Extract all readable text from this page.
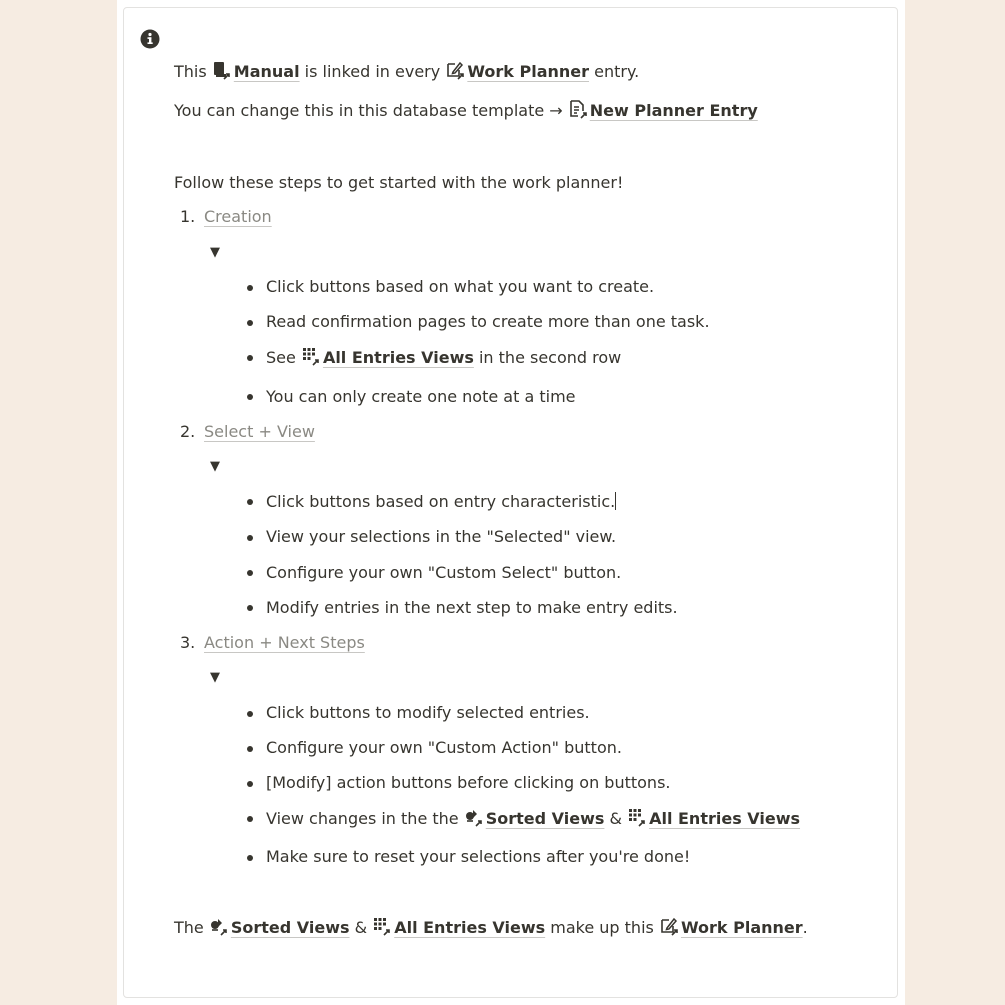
This Manual is linked in every Work Planner entry.
You can change this in this database template → New Planner Entry
Follow these steps to get started with the work planner!
1. Creation
▼
Click buttons based on what you want to create.
Read confirmation pages to create more than one task.
See All Entries Views in the second row
You can only create one note at a time
2. Select + View
▼
Click buttons based on entry characteristic.
View your selections in the "Selected" view.
Configure your own "Custom Select" button.
Modify entries in the next step to make entry edits.
3. Action + Next Steps
▼
Click buttons to modify selected entries.
Configure your own "Custom Action" button.
[Modify] action buttons before clicking on buttons.
View changes in the the Sorted Views & All Entries Views
Make sure to reset your selections after you're done!
The Sorted Views & All Entries Views make up this Work Planner.
